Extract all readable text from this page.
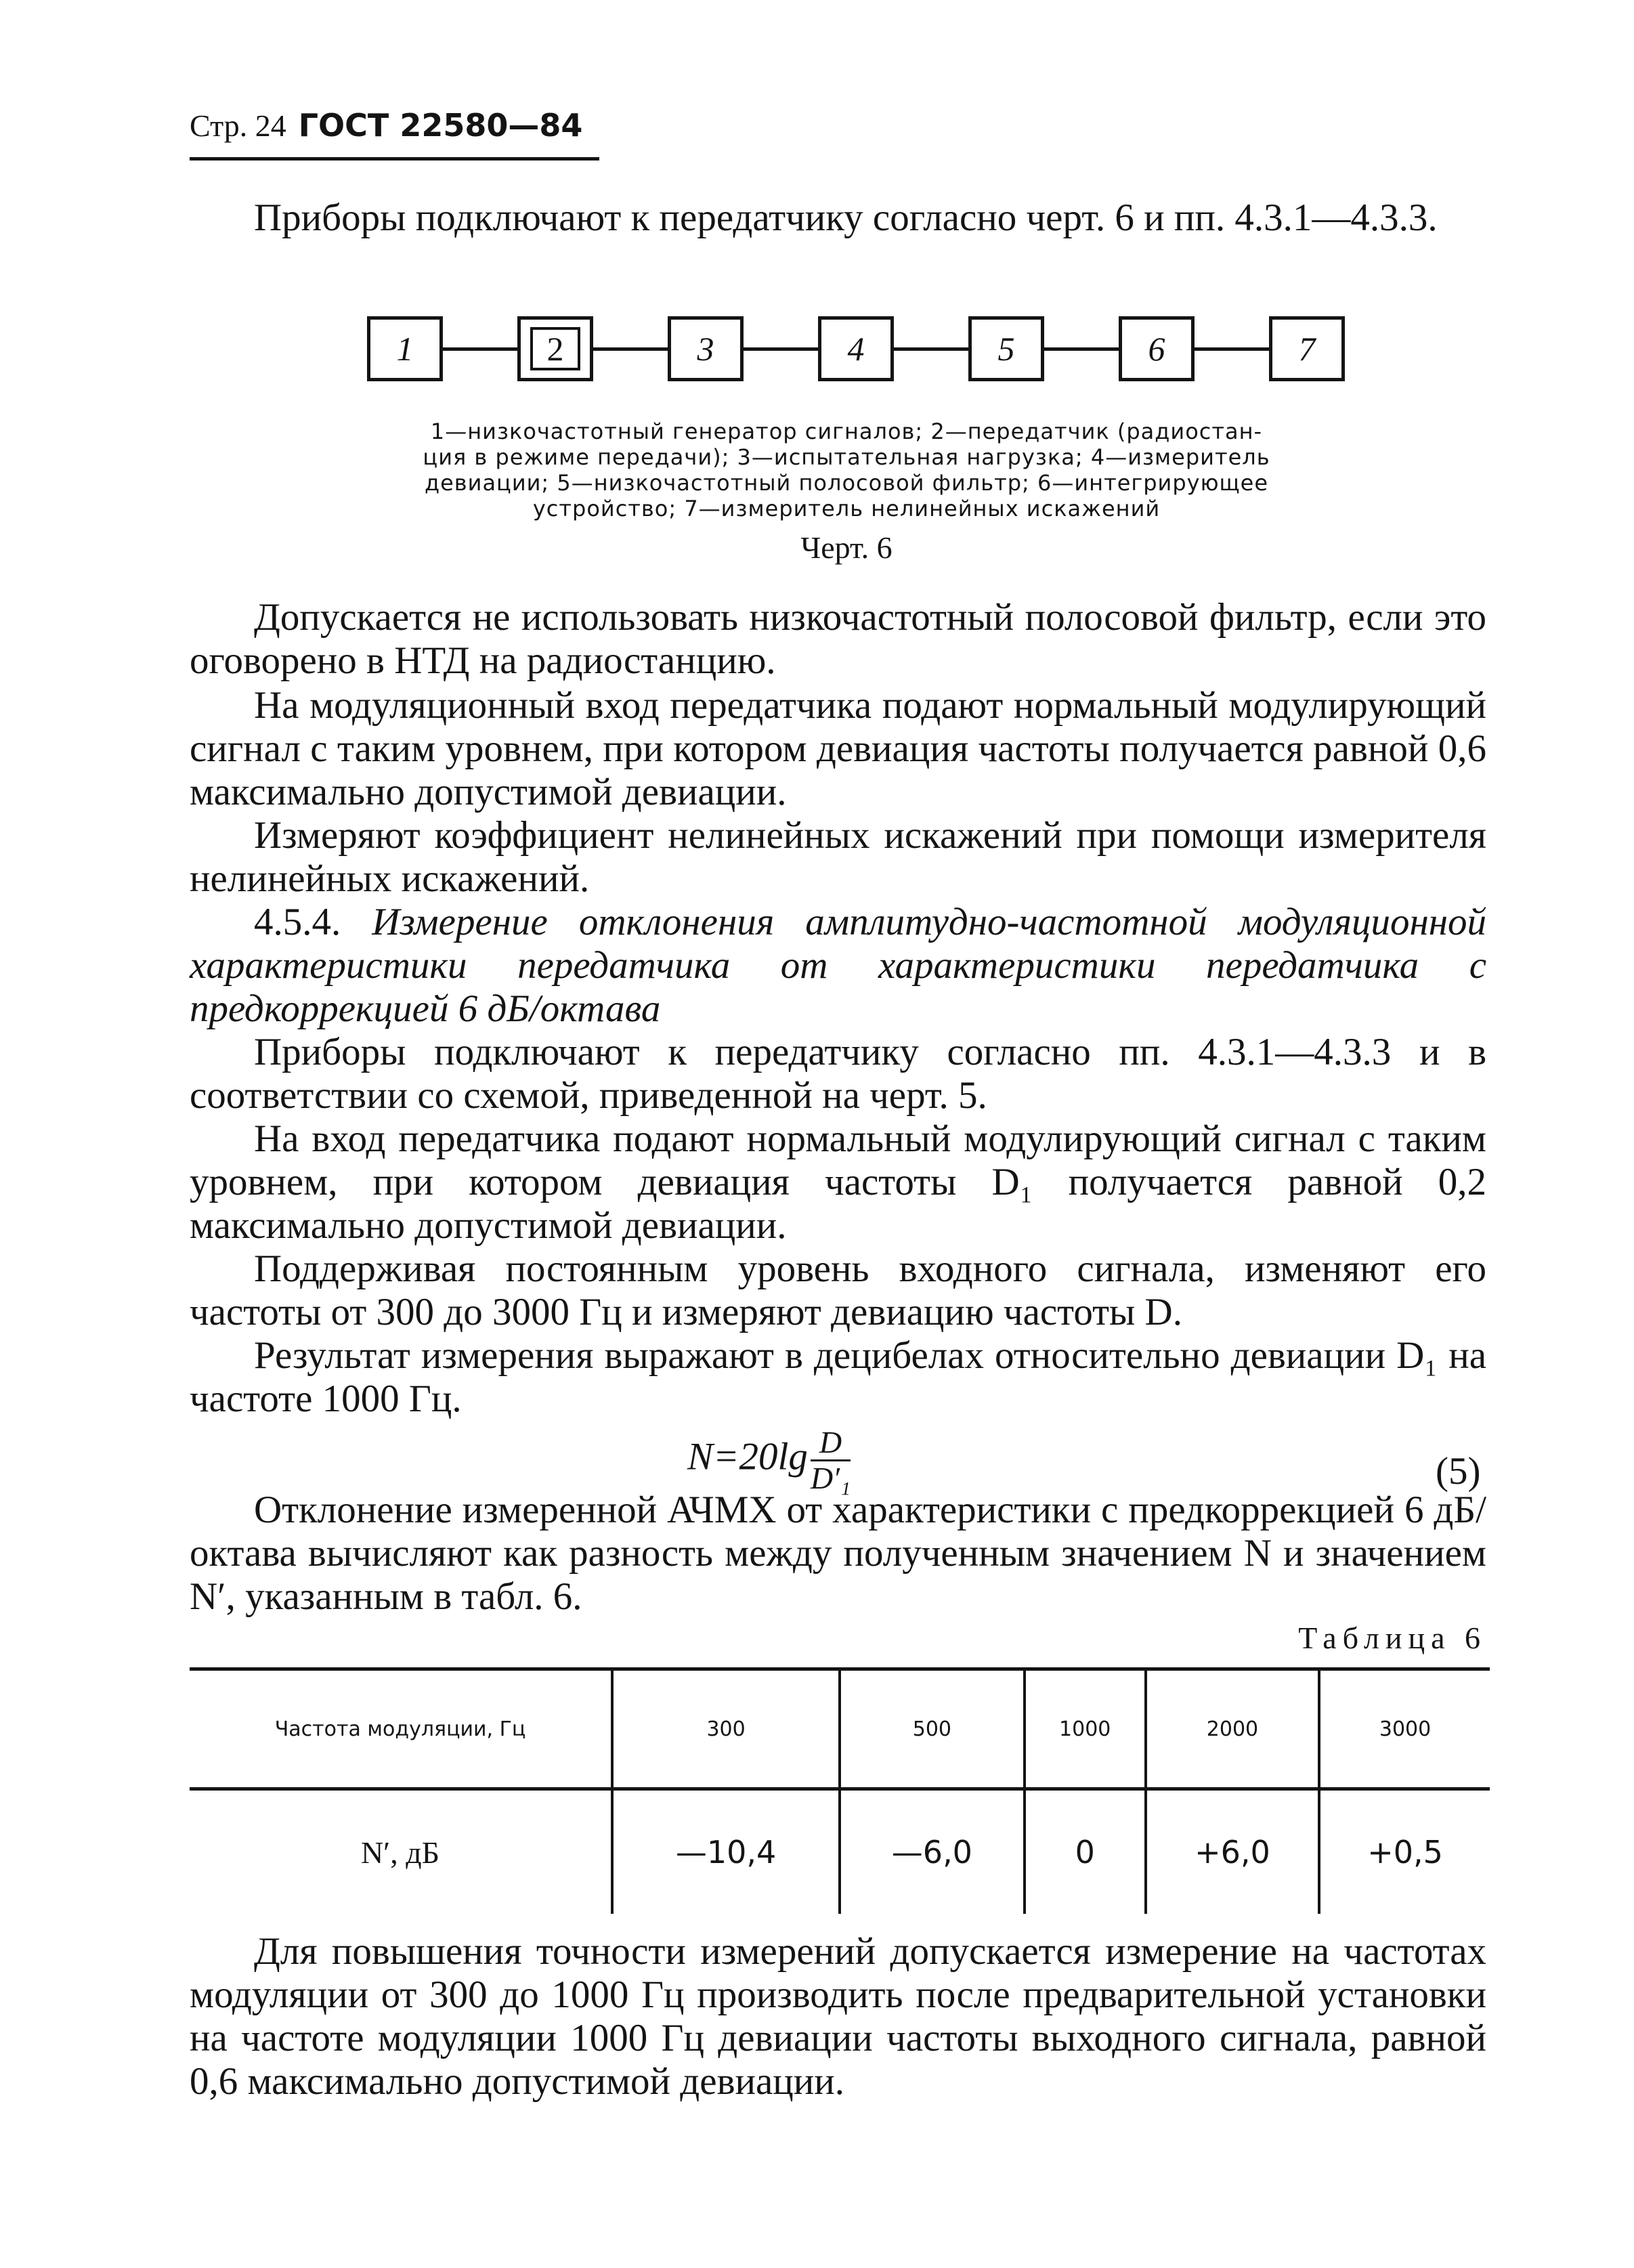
Стр. 24 ГОСТ 22580—84
Приборы подключают к передатчику согласно черт. 6 и пп. 4.3.1—4.3.3.
1	2	3	4	5	6	7
1—низкочастотный генератор сигналов; 2—передатчик (радиостан-
ция в режиме передачи); 3—испытательная нагрузка; 4—измеритель
девиации; 5—низкочастотный полосовой фильтр; 6—интегрирующее
устройство; 7—измеритель нелинейных искажений
Черт. 6
Допускается не использовать низкочастотный полосовой фильтр, если это оговорено в НТД на радиостанцию.
На модуляционный вход передатчика подают нормальный модулирующий сигнал с таким уровнем, при котором девиация частоты получается равной 0,6 максимально допустимой девиации.
Измеряют коэффициент нелинейных искажений при помощи измерителя нелинейных искажений.
4.5.4. Измерение отклонения амплитудно-частотной модуляционной характеристики передатчика от характеристики передатчика с предкоррекцией 6 дБ/октава
Приборы подключают к передатчику согласно пп. 4.3.1—4.3.3 и в соответствии со схемой, приведенной на черт. 5.
На вход передатчика подают нормальный модулирующий сигнал с таким уровнем, при котором девиация частоты D₁ получается равной 0,2 максимально допустимой девиации.
Поддерживая постоянным уровень входного сигнала, изменяют его частоты от 300 до 3000 Гц и измеряют девиацию частоты D.
Результат измерения выражают в децибелах относительно девиации D₁ на частоте 1000 Гц.
$N=20\lg \frac{D}{\text{D′₁}}$	(5)
Отклонение измеренной АЧМХ от характеристики с предкоррекцией 6 дБ/октава вычисляют как разность между полученным значением N и значением N′, указанным в табл. 6.
Таблица 6
Частота модуляции, Гц	300	500	1000	2000	3000
N′, дБ	—10,4	—6,0	0	+6,0	+0,5
Для повышения точности измерений допускается измерение на частотах модуляции от 300 до 1000 Гц производить после предварительной установки на частоте модуляции 1000 Гц девиации частоты выходного сигнала, равной 0,6 максимально допустимой девиации.
